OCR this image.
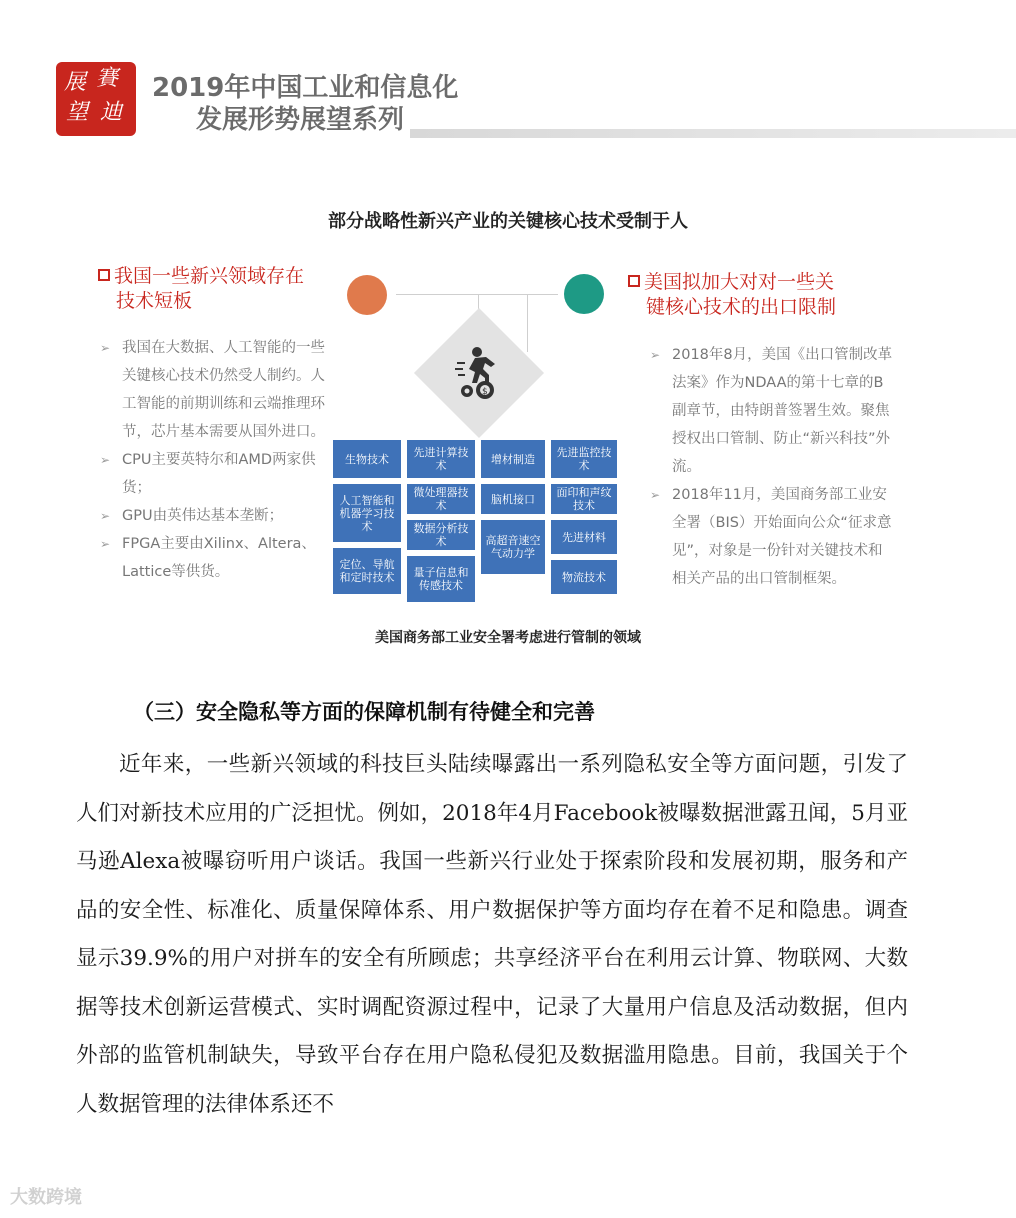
展 賽
望 迪
2019年中国工业和信息化
发展形势展望系列
部分战略性新兴产业的关键核心技术受制于人
我国一些新兴领域存在
技术短板
➢ 我国在大数据、人工智能的一些关键核心技术仍然受人制约。人工智能的前期训练和云端推理环节，芯片基本需要从国外进口。
➢ CPU主要英特尔和AMD两家供货；
➢ GPU由英伟达基本垄断；
➢ FPGA主要由Xilinx、Altera、Lattice等供货。
美国拟加大对对一些关
键核心技术的出口限制
➢ 2018年8月，美国《出口管制改革法案》作为NDAA的第十七章的B副章节，由特朗普签署生效。聚焦授权出口管制、防止“新兴科技”外流。
➢ 2018年11月，美国商务部工业安全署（BIS）开始面向公众“征求意见”，对象是一份针对关键技术和相关产品的出口管制框架。
$
生物技术	先进计算技术	增材制造	先进监控技术
人工智能和机器学习技术
微处理器技术	脑机接口	面印和声纹技术
数据分析技术	高超音速空气动力学
先进材料
定位、导航和定时技术	量子信息和传感技术
物流技术
美国商务部工业安全署考虑进行管制的领域
（三）安全隐私等方面的保障机制有待健全和完善

近年来，一些新兴领域的科技巨头陆续曝露出一系列隐私安全等方面问题，引发了人们对新技术应用的广泛担忧。例如，2018年4月Facebook被曝数据泄露丑闻，5月亚马逊Alexa被曝窃听用户谈话。我国一些新兴行业处于探索阶段和发展初期，服务和产品的安全性、标准化、质量保障体系、用户数据保护等方面均存在着不足和隐患。调查显示39.9%的用户对拼车的安全有所顾虑；共享经济平台在利用云计算、物联网、大数据等技术创新运营模式、实时调配资源过程中，记录了大量用户信息及活动数据，但内外部的监管机制缺失，导致平台存在用户隐私侵犯及数据滥用隐患。目前，我国关于个人数据管理的法律体系还不

大数跨境
